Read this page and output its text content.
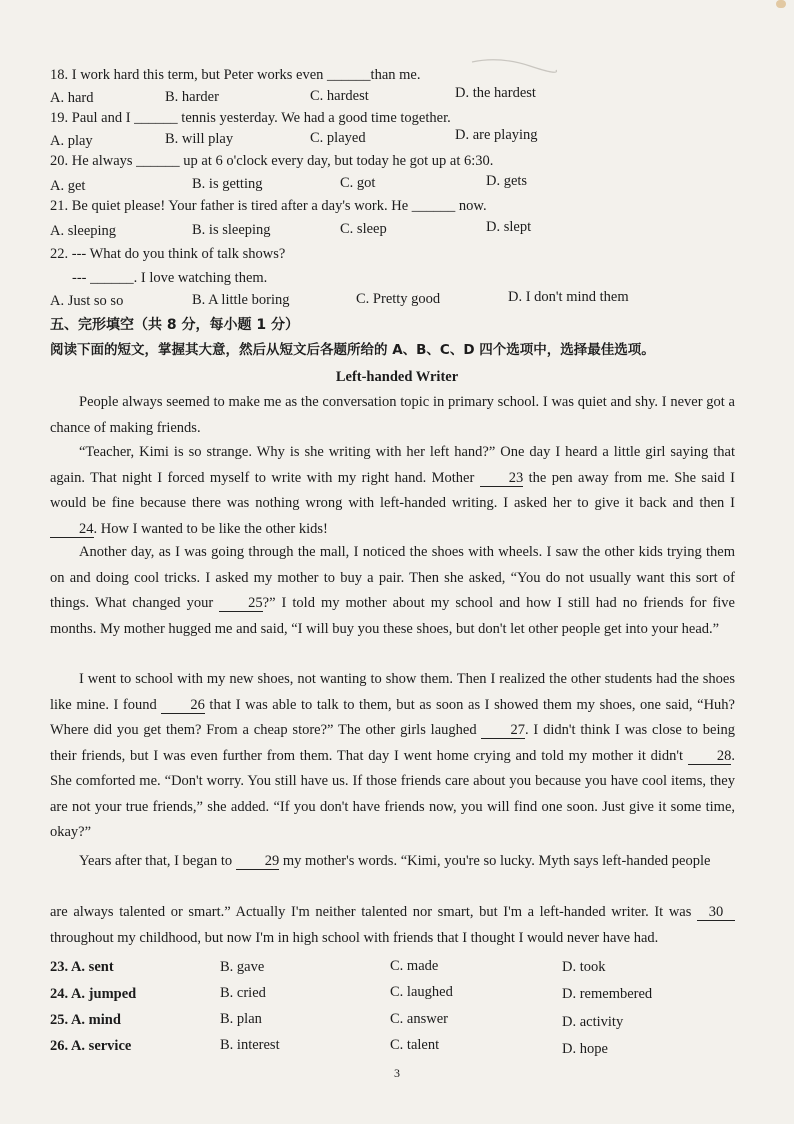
18. I work hard this term, but Peter works even ______than me.
A. hard	B. harder	C. hardest	D. the hardest
19. Paul and I ______ tennis yesterday. We had a good time together.
A. play	B. will play	C. played	D. are playing
20. He always ______ up at 6 o'clock every day, but today he got up at 6:30.
A. get	B. is getting	C. got	D. gets
21. Be quiet please! Your father is tired after a day's work. He ______ now.
A. sleeping	B. is sleeping	C. sleep	D. slept
22. --- What do you think of talk shows?
--- ______. I love watching them.
A. Just so so	B. A little boring	C. Pretty good	D. I don't mind them
五、完形填空（共 8 分，每小题 1 分）
阅读下面的短文，掌握其大意，然后从短文后各题所给的 A、B、C、D 四个选项中，选择最佳选项。
Left-handed Writer
People always seemed to make me as the conversation topic in primary school. I was quiet and shy. I never got a chance of making friends.
“Teacher, Kimi is so strange. Why is she writing with her left hand?” One day I heard a little girl saying that again. That night I forced myself to write with my right hand. Mother 23 the pen away from me. She said I would be fine because there was nothing wrong with left-handed writing. I asked her to give it back and then I 24. How I wanted to be like the other kids!
Another day, as I was going through the mall, I noticed the shoes with wheels. I saw the other kids trying them on and doing cool tricks. I asked my mother to buy a pair. Then she asked, “You do not usually want this sort of things. What changed your 25?” I told my mother about my school and how I still had no friends for five months. My mother hugged me and said, “I will buy you these shoes, but don't let other people get into your head.”
I went to school with my new shoes, not wanting to show them. Then I realized the other students had the shoes like mine. I found 26 that I was able to talk to them, but as soon as I showed them my shoes, one said, “Huh? Where did you get them? From a cheap store?” The other girls laughed 27. I didn't think I was close to being their friends, but I was even further from them. That day I went home crying and told my mother it didn't 28. She comforted me. “Don't worry. You still have us. If those friends care about you because you have cool items, they are not your true friends,” she added. “If you don't have friends now, you will find one soon. Just give it some time, okay?”
Years after that, I began to 29 my mother's words. “Kimi, you're so lucky. Myth says left-handed people
are always talented or smart.” Actually I'm neither talented nor smart, but I'm a left-handed writer. It was 30throughout my childhood, but now I'm in high school with friends that I thought I would never have had.
23. A. sent	B. gave	C. made	D. took
24. A. jumped	B. cried	C. laughed	D. remembered
25. A. mind	B. plan	C. answer	D. activity
26. A. service	B. interest	C. talent	D. hope
3
